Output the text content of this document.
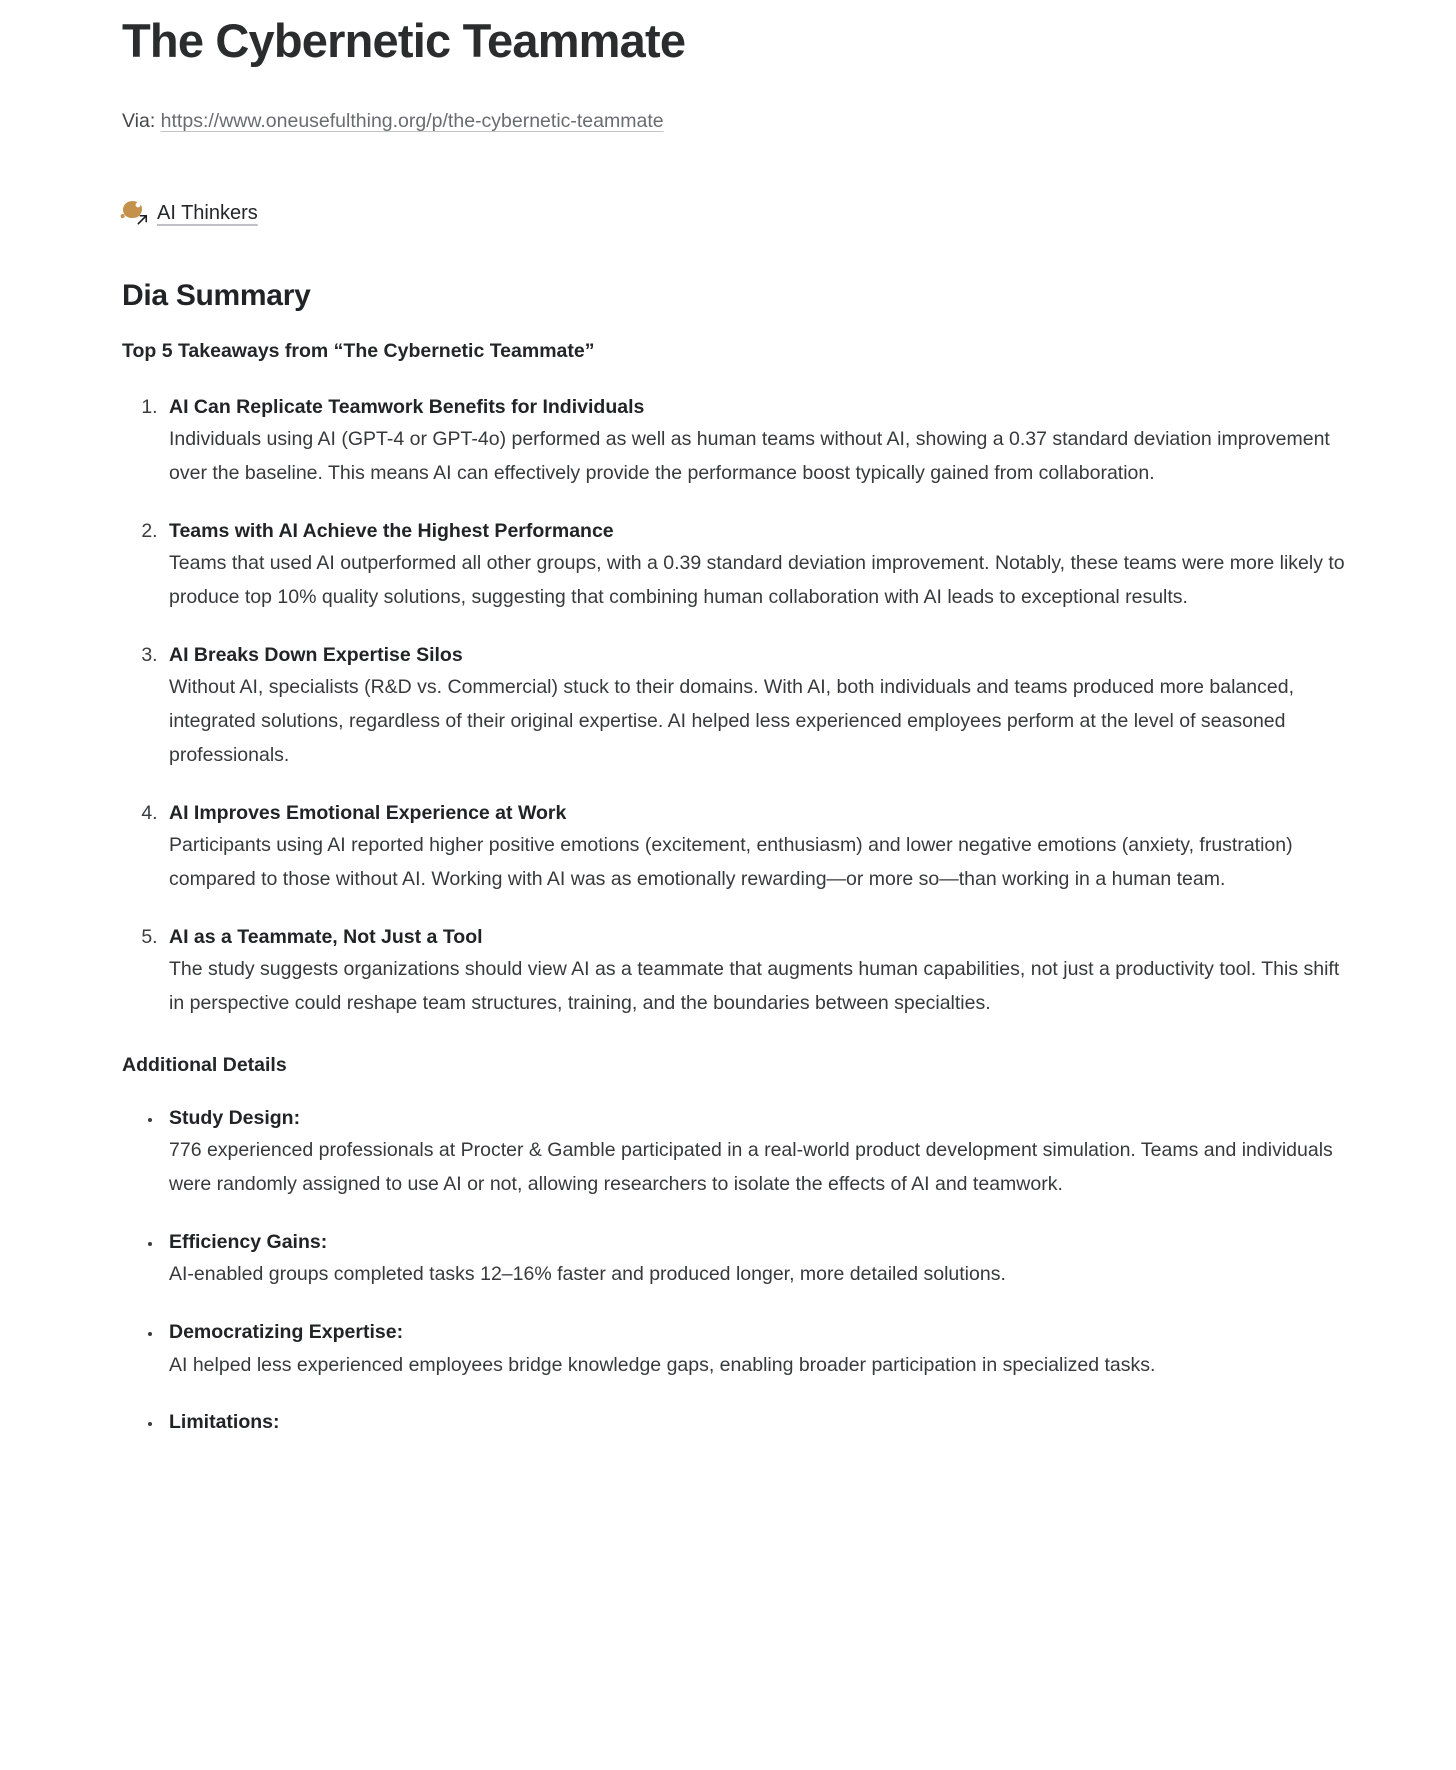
The Cybernetic Teammate
Via: https://www.oneusefulthing.org/p/the-cybernetic-teammate
AI Thinkers
Dia Summary

Top 5 Takeaways from “The Cybernetic Teammate”

1. AI Can Replicate Teamwork Benefits for Individuals
Individuals using AI (GPT-4 or GPT-4o) performed as well as human teams without AI, showing a 0.37 standard deviation improvement over the baseline. This means AI can effectively provide the performance boost typically gained from collaboration.
2. Teams with AI Achieve the Highest Performance
Teams that used AI outperformed all other groups, with a 0.39 standard deviation improvement. Notably, these teams were more likely to produce top 10% quality solutions, suggesting that combining human collaboration with AI leads to exceptional results.
3. AI Breaks Down Expertise Silos
Without AI, specialists (R&D vs. Commercial) stuck to their domains. With AI, both individuals and teams produced more balanced, integrated solutions, regardless of their original expertise. AI helped less experienced employees perform at the level of seasoned professionals.
4. AI Improves Emotional Experience at Work
Participants using AI reported higher positive emotions (excitement, enthusiasm) and lower negative emotions (anxiety, frustration) compared to those without AI. Working with AI was as emotionally rewarding—or more so—than working in a human team.
5. AI as a Teammate, Not Just a Tool
The study suggests organizations should view AI as a teammate that augments human capabilities, not just a productivity tool. This shift in perspective could reshape team structures, training, and the boundaries between specialties.

Additional Details

• Study Design:
776 experienced professionals at Procter & Gamble participated in a real-world product development simulation. Teams and individuals were randomly assigned to use AI or not, allowing researchers to isolate the effects of AI and teamwork.
• Efficiency Gains:
AI-enabled groups completed tasks 12–16% faster and produced longer, more detailed solutions.
• Democratizing Expertise:
AI helped less experienced employees bridge knowledge gaps, enabling broader participation in specialized tasks.
• Limitations:
